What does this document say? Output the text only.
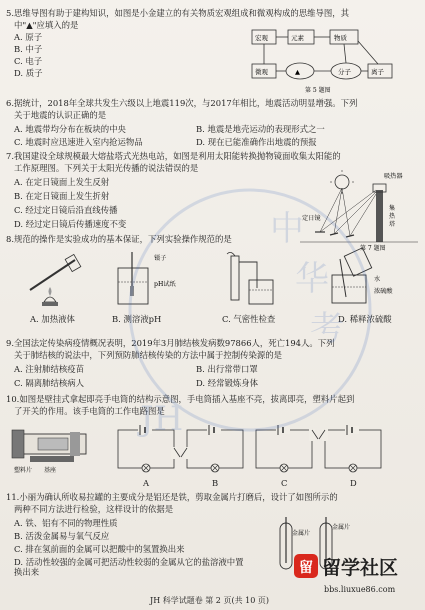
5.思维导图有助于建构知识，如图是小金建立的有关物质宏观组成和微观构成的思维导图，其
中"▲"应填入的是
A. 原子
B. 中子
C. 电子
D. 质子
宏观	元素	物质
微观	▲	分子	离子
第 5 题图
6.据统计，2018年全球共发生六级以上地震119次，与2017年相比，地震活动明显增强。下列
关于地震的认识正确的是
A. 地震带均分布在板块的中央	B. 地震是地壳运动的表现形式之一
C. 地震时应迅速进入室内抢运物品	D. 现在已能准确作出地震的预报
7.我国建设全球规模最大熔盐塔式光热电站，如图是利用太阳能转换抛物镜面收集太阳能的
工作原理图。下列关于太阳光传播的说法错误的是
A. 在定日镜面上发生反射
B. 在定日镜面上发生折射
C. 经过定日镜后沿直线传播
D. 经过定日镜后传播速度不变
吸热器
定日镜
集
热
塔
第 7 题图
8.规范的操作是实验成功的基本保证，下列实验操作规范的是
镊子
pH试纸
水
浓硫酸
A. 加热液体	B. 测溶液pH	C. 气密性检查	D. 稀释浓硫酸
9.全国法定传染病疫情概况表明，2019年3月肺结核发病数97866人，死亡194人。下列
关于肺结核的说法中，下列预防肺结核传染的方法中属于控制传染源的是
A. 注射肺结核疫苗	B. 出行常带口罩
C. 隔离肺结核病人	D. 经常锻炼身体
10.如图是壁挂式拿起即亮手电筒的结构示意图，手电筒插入基座不亮，拔离即亮，塑料片起到
了开关的作用。该手电筒的工作电路图是
塑料片 基座
A	B	C	D
11.小丽为确认所收易拉罐的主要成分是铝还是铁，剪取金属片打磨后，设计了如图所示的
两种不同方法进行检验，这样设计的依据是
A. 铁、铝有不同的物理性质
B. 活泼金属易与氧气反应
C. 排在氢前面的金属可以把酸中的氢置换出来
D. 活动性较强的金属可把活动性较弱的金属从它的盐溶液中置换出来
金属片
金属片
JH 科学试题卷 第 2 页(共 10 页)
中
华
考
JH
留 留学社区
bbs.liuxue86.com
